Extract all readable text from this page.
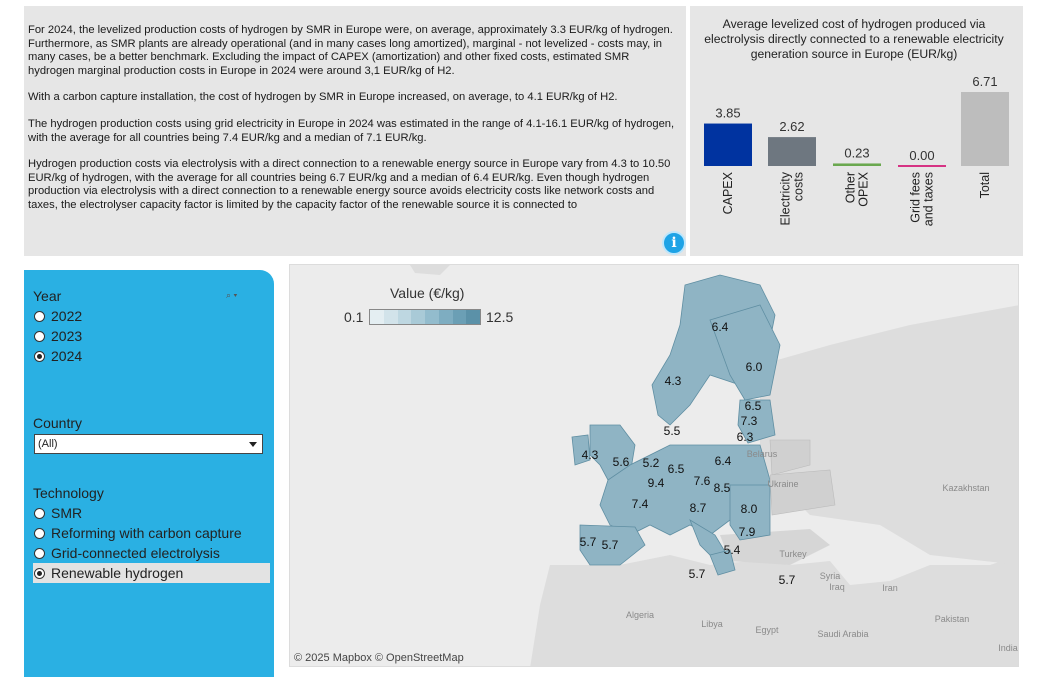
For 2024, the levelized production costs of hydrogen by SMR in Europe were, on average, approximately 3.3 EUR/kg of hydrogen. Furthermore, as SMR plants are already operational (and in many cases long amortized), marginal - not levelized - costs may, in many cases, be a better benchmark. Excluding the impact of CAPEX (amortization) and other fixed costs, estimated SMR hydrogen marginal production costs in Europe in 2024 were around 3,1 EUR/kg of H2.

With a carbon capture installation, the cost of hydrogen by SMR in Europe increased, on average, to 4.1 EUR/kg of H2.

The hydrogen production costs using grid electricity in Europe in 2024 was estimated in the range of 4.1-16.1 EUR/kg of hydrogen, with the average for all countries being 7.4 EUR/kg and a median of 7.1 EUR/kg.

Hydrogen production costs via electrolysis with a direct connection to a renewable energy source in Europe vary from 4.3 to 10.50 EUR/kg of hydrogen, with the average for all countries being 6.7 EUR/kg and a median of 6.4 EUR/kg. Even though hydrogen production via electrolysis with a direct connection to a renewable energy source avoids electricity costs like network costs and taxes, the electrolyser capacity factor is limited by the capacity factor of the renewable source it is connected to

i
Average levelized cost of hydrogen produced via electrolysis directly connected to a renewable electricity generation source in Europe (EUR/kg)
3.85
CAPEX
2.62
Electricity costs
0.23
Other OPEX
0.00
Grid fees and taxes
6.71
Total
Year	⌕ ▾
2022
2023
2024
Country
(All)
Technology
SMR
Reforming with carbon capture
Grid-connected electrolysis
Renewable hydrogen
6.4
6.0
4.3
6.5
7.3
6.3
5.5
4.3 5.6 5.2 6.5
6.4
9.4 7.6 8.5
7.4	8.7	8.0
7.9
5.7 5.7	5.4
5.7	5.7
Belarus
Ukraine	Kazakhstan
Turkey
Iraq	Iran
Syria
Algeria
Libya
Egypt	Saudi Arabia
Pakistan
India
Value (€/kg)
0.1	12.5
© 2025 Mapbox © OpenStreetMap
